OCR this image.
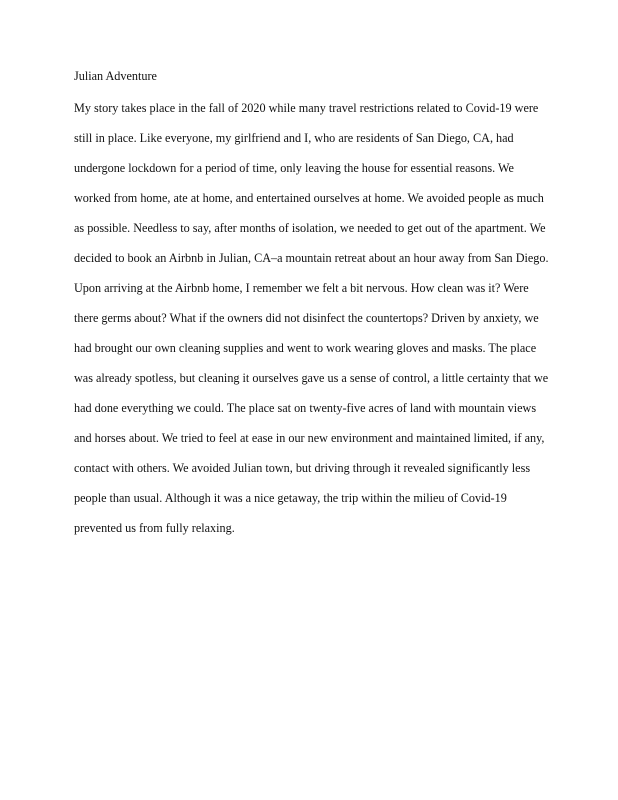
Julian Adventure
My story takes place in the fall of 2020 while many travel restrictions related to Covid-19 were
still in place. Like everyone, my girlfriend and I, who are residents of San Diego, CA, had
undergone lockdown for a period of time, only leaving the house for essential reasons. We
worked from home, ate at home, and entertained ourselves at home. We avoided people as much
as possible. Needless to say, after months of isolation, we needed to get out of the apartment. We
decided to book an Airbnb in Julian, CA–a mountain retreat about an hour away from San Diego.
Upon arriving at the Airbnb home, I remember we felt a bit nervous. How clean was it? Were
there germs about? What if the owners did not disinfect the countertops? Driven by anxiety, we
had brought our own cleaning supplies and went to work wearing gloves and masks. The place
was already spotless, but cleaning it ourselves gave us a sense of control, a little certainty that we
had done everything we could. The place sat on twenty-five acres of land with mountain views
and horses about. We tried to feel at ease in our new environment and maintained limited, if any,
contact with others. We avoided Julian town, but driving through it revealed significantly less
people than usual. Although it was a nice getaway, the trip within the milieu of Covid-19
prevented us from fully relaxing.
